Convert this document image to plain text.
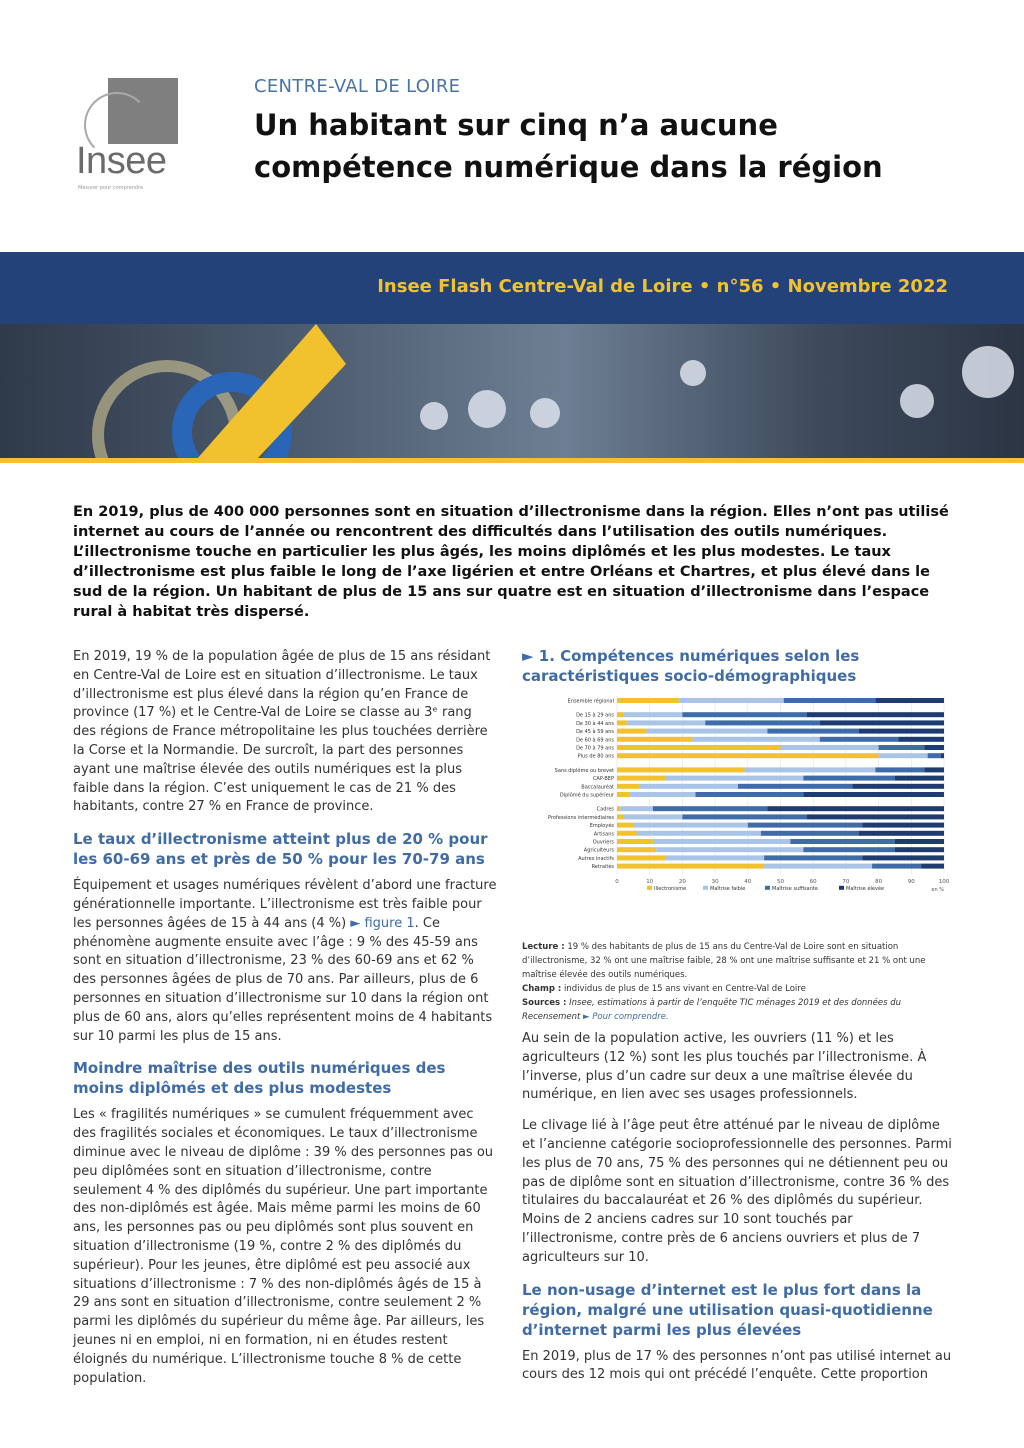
Insee
Mesurer pour comprendre
CENTRE-VAL DE LOIRE
Un habitant sur cinq n’a aucune compétence numérique dans la région
Insee Flash Centre-Val de Loire • n°56 • Novembre 2022

En 2019, plus de 400 000 personnes sont en situation d’illectronisme dans la région. Elles n’ont pas utilisé internet au cours de l’année ou rencontrent des difficultés dans l’utilisation des outils numériques.

L’illectronisme touche en particulier les plus âgés, les moins diplômés et les plus modestes. Le taux d’illectronisme est plus faible le long de l’axe ligérien et entre Orléans et Chartres, et plus élevé dans le sud de la région. Un habitant de plus de 15 ans sur quatre est en situation d’illectronisme dans l’espace rural à habitat très dispersé.

En 2019, 19 % de la population âgée de plus de 15 ans résidant en Centre-Val de Loire est en situation d’illectronisme. Le taux d’illectronisme est plus élevé dans la région qu’en France de province (17 %) et le Centre-Val de Loire se classe au 3ᵉ rang des régions de France métropolitaine les plus touchées derrière la Corse et la Normandie. De surcroît, la part des personnes ayant une maîtrise élevée des outils numériques est la plus faible dans la région. C’est uniquement le cas de 21 % des habitants, contre 27 % en France de province.

Le taux d’illectronisme atteint plus de 20 % pour les 60-69 ans et près de 50 % pour les 70-79 ans

Équipement et usages numériques révèlent d’abord une fracture générationnelle importante. L’illectronisme est très faible pour les personnes âgées de 15 à 44 ans (4 %) ► figure 1. Ce phénomène augmente ensuite avec l’âge : 9 % des 45-59 ans sont en situation d’illectronisme, 23 % des 60-69 ans et 62 % des personnes âgées de plus de 70 ans. Par ailleurs, plus de 6 personnes en situation d’illectronisme sur 10 dans la région ont plus de 60 ans, alors qu’elles représentent moins de 4 habitants sur 10 parmi les plus de 15 ans.

Moindre maîtrise des outils numériques des moins diplômés et des plus modestes

Les « fragilités numériques » se cumulent fréquemment avec des fragilités sociales et économiques. Le taux d’illectronisme diminue avec le niveau de diplôme : 39 % des personnes pas ou peu diplômées sont en situation d’illectronisme, contre seulement 4 % des diplômés du supérieur. Une part importante des non-diplômés est âgée. Mais même parmi les moins de 60 ans, les personnes pas ou peu diplômés sont plus souvent en situation d’illectronisme (19 %, contre 2 % des diplômés du supérieur). Pour les jeunes, être diplômé est peu associé aux situations d’illectronisme : 7 % des non-diplômés âgés de 15 à 29 ans sont en situation d’illectronisme, contre seulement 2 % parmi les diplômés du supérieur du même âge. Par ailleurs, les jeunes ni en emploi, ni en formation, ni en études restent éloignés du numérique. L’illectronisme touche 8 % de cette population.

► 1. Compétences numériques selon les caractéristiques socio-démographiques
0	10	20	30	40	50	60	70	80	90	100
en %
Ensemble régional
De 15 à 29 ans
De 30 à 44 ans
De 45 à 59 ans
De 60 à 69 ans
De 70 à 79 ans
Plus de 80 ans
Sans diplôme ou brevet
CAP-BEP
Baccalauréat
Diplômé du supérieur
Cadres
Professions intermédiaires
Employés
Artisans
Ouvriers
Agriculteurs
Autres inactifs
Retraités
Illectronisme	Maîtrise faible	Maîtrise suffisante	Maîtrise élevée

Lecture : 19 % des habitants de plus de 15 ans du Centre-Val de Loire sont en situation d’illectronisme, 32 % ont une maîtrise faible, 28 % ont une maîtrise suffisante et 21 % ont une maîtrise élevée des outils numériques.

Champ : individus de plus de 15 ans vivant en Centre-Val de Loire

Sources : Insee, estimations à partir de l’enquête TIC ménages 2019 et des données du Recensement ► Pour comprendre.

Au sein de la population active, les ouvriers (11 %) et les agriculteurs (12 %) sont les plus touchés par l’illectronisme. À l’inverse, plus d’un cadre sur deux a une maîtrise élevée du numérique, en lien avec ses usages professionnels.

Le clivage lié à l’âge peut être atténué par le niveau de diplôme et l’ancienne catégorie socioprofessionnelle des personnes. Parmi les plus de 70 ans, 75 % des personnes qui ne détiennent peu ou pas de diplôme sont en situation d’illectronisme, contre 36 % des titulaires du baccalauréat et 26 % des diplômés du supérieur. Moins de 2 anciens cadres sur 10 sont touchés par l’illectronisme, contre près de 6 anciens ouvriers et plus de 7 agriculteurs sur 10.

Le non-usage d’internet est le plus fort dans la région, malgré une utilisation quasi-quotidienne d’internet parmi les plus élevées

En 2019, plus de 17 % des personnes n’ont pas utilisé internet au cours des 12 mois qui ont précédé l’enquête. Cette proportion
